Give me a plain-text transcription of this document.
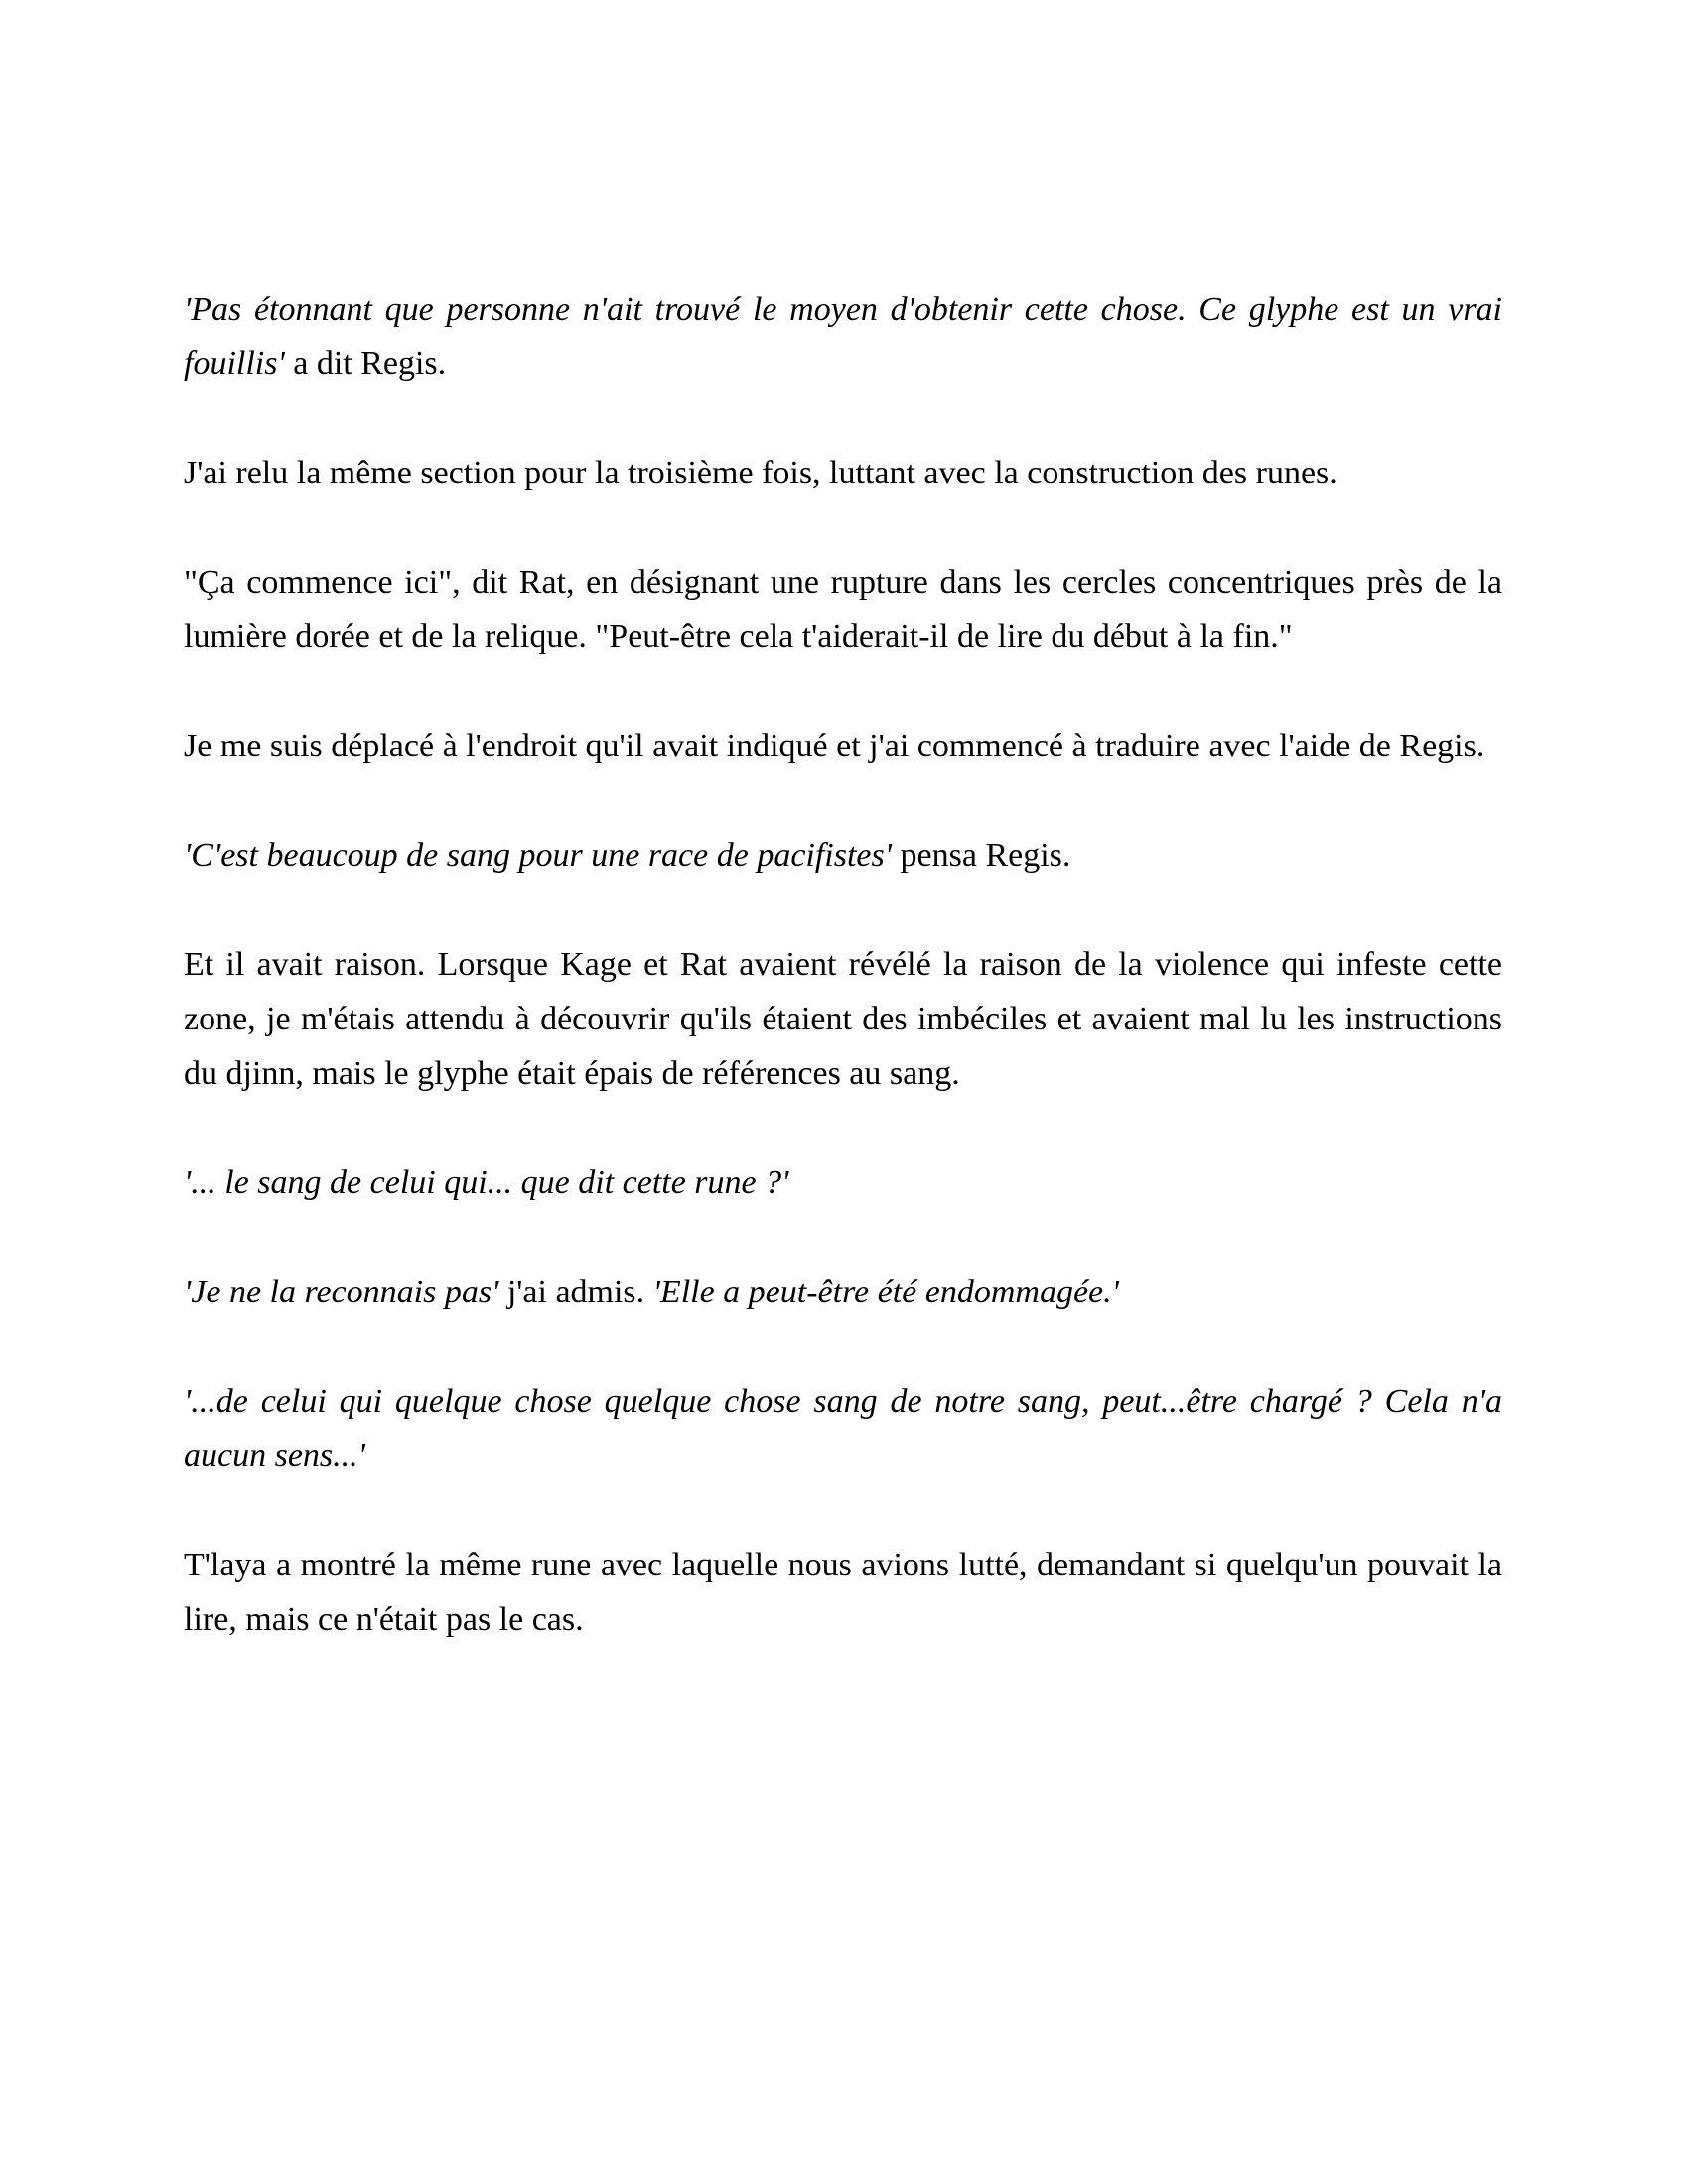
'Pas étonnant que personne n'ait trouvé le moyen d'obtenir cette chose. Ce glyphe est un vrai fouillis' a dit Regis.

J'ai relu la même section pour la troisième fois, luttant avec la construction des runes.

"Ça commence ici", dit Rat, en désignant une rupture dans les cercles concentriques près de la lumière dorée et de la relique. "Peut-être cela t'aiderait-il de lire du début à la fin."

Je me suis déplacé à l'endroit qu'il avait indiqué et j'ai commencé à traduire avec l'aide de Regis.

'C'est beaucoup de sang pour une race de pacifistes' pensa Regis.

Et il avait raison. Lorsque Kage et Rat avaient révélé la raison de la violence qui infeste cette zone, je m'étais attendu à découvrir qu'ils étaient des imbéciles et avaient mal lu les instructions du djinn, mais le glyphe était épais de références au sang.

'... le sang de celui qui... que dit cette rune ?'

'Je ne la reconnais pas' j'ai admis. 'Elle a peut-être été endommagée.'

'...de celui qui quelque chose quelque chose sang de notre sang, peut...être chargé ? Cela n'a aucun sens...'

T'laya a montré la même rune avec laquelle nous avions lutté, demandant si quelqu'un pouvait la lire, mais ce n'était pas le cas.
